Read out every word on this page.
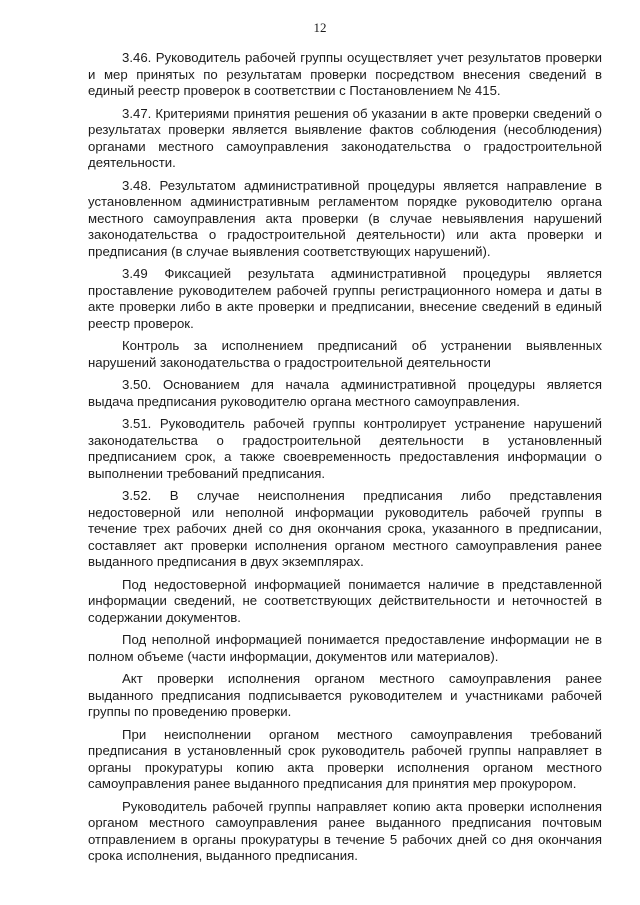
12

3.46. Руководитель рабочей группы осуществляет учет результатов проверки и мер принятых по результатам проверки посредством внесения сведений в единый реестр проверок в соответствии с Постановлением № 415.

3.47. Критериями принятия решения об указании в акте проверки сведений о результатах проверки является выявление фактов соблюдения (несоблюдения) органами местного самоуправления законодательства о градостроительной деятельности.

3.48. Результатом административной процедуры является направление в установленном административным регламентом порядке руководителю органа местного самоуправления акта проверки (в случае невыявления нарушений законодательства о градостроительной деятельности) или акта проверки и предписания (в случае выявления соответствующих нарушений).

3.49 Фиксацией результата административной процедуры является проставление руководителем рабочей группы регистрационного номера и даты в акте проверки либо в акте проверки и предписании, внесение сведений в единый реестр проверок.

Контроль за исполнением предписаний об устранении выявленных нарушений законодательства о градостроительной деятельности

3.50. Основанием для начала административной процедуры является выдача предписания руководителю органа местного самоуправления.

3.51. Руководитель рабочей группы контролирует устранение нарушений законодательства о градостроительной деятельности в установленный предписанием срок, а также своевременность предоставления информации о выполнении требований предписания.

3.52. В случае неисполнения предписания либо представления недостоверной или неполной информации руководитель рабочей группы в течение трех рабочих дней со дня окончания срока, указанного в предписании, составляет акт проверки исполнения органом местного самоуправления ранее выданного предписания в двух экземплярах.

Под недостоверной информацией понимается наличие в представленной информации сведений, не соответствующих действительности и неточностей в содержании документов.

Под неполной информацией понимается предоставление информации не в полном объеме (части информации, документов или материалов).

Акт проверки исполнения органом местного самоуправления ранее выданного предписания подписывается руководителем и участниками рабочей группы по проведению проверки.

При неисполнении органом местного самоуправления требований предписания в установленный срок руководитель рабочей группы направляет в органы прокуратуры копию акта проверки исполнения органом местного самоуправления ранее выданного предписания для принятия мер прокурором.

Руководитель рабочей группы направляет копию акта проверки исполнения органом местного самоуправления ранее выданного предписания почтовым отправлением в органы прокуратуры в течение 5 рабочих дней со дня окончания срока исполнения, выданного предписания.
